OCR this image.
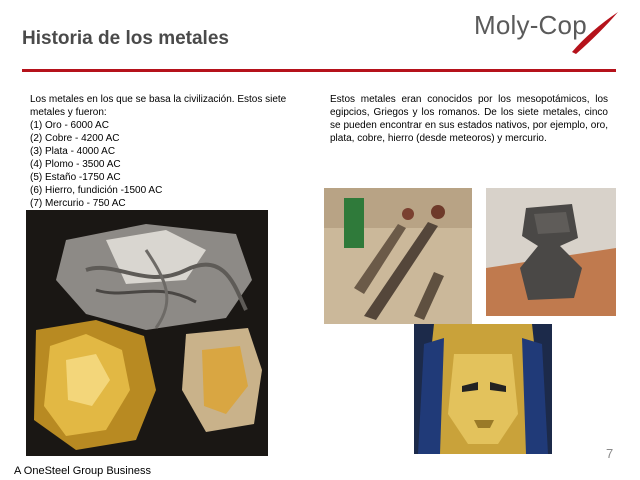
Historia de los metales	Moly-Cop
Los metales en los que se basa la civilización. Estos siete metales y fueron:
(1) Oro - 6000 AC
(2) Cobre - 4200 AC
(3) Plata - 4000 AC
(4) Plomo - 3500 AC
(5) Estaño -1750 AC
(6) Hierro, fundición -1500 AC
(7) Mercurio - 750 AC
Estos metales eran conocidos por los mesopotámicos, los egipcios, Griegos y los romanos. De los siete metales, cinco se pueden encontrar en sus estados nativos, por ejemplo, oro, plata, cobre, hierro (desde meteoros) y mercurio.
7
A OneSteel Group Business
